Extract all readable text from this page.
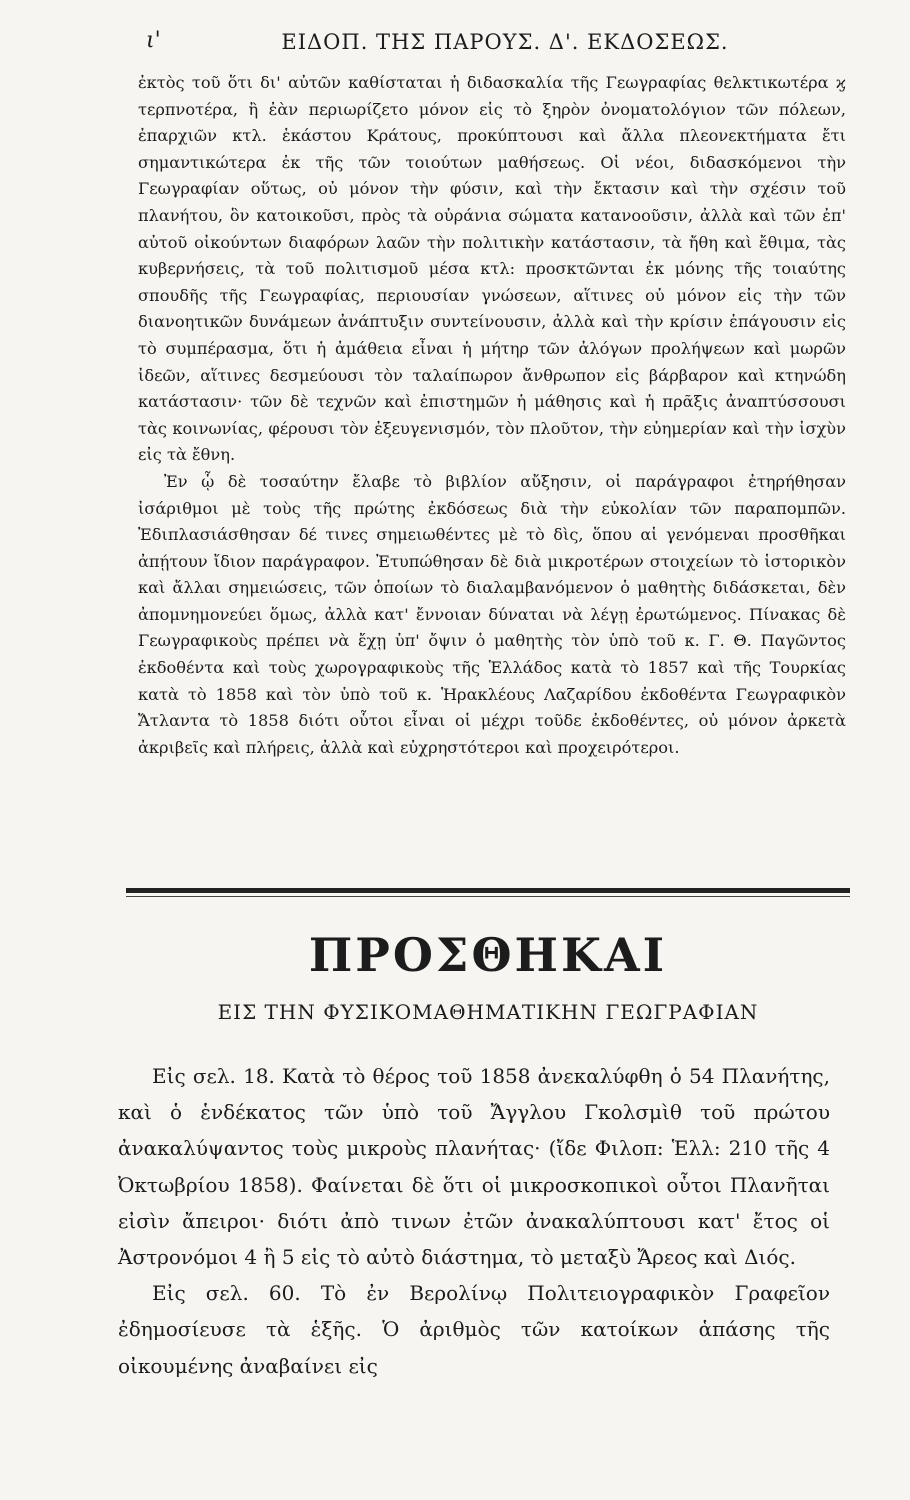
ι'	ΕΙΔΟΠ. ΤΗΣ ΠΑΡΟΥΣ. Δ'. ΕΚΔΟΣΕΩΣ.

ἐκτὸς τοῦ ὅτι δι' αὐτῶν καθίσταται ἡ διδασκαλία τῆς Γεωγραφίας θελκτικωτέρα ϗ τερπνοτέρα, ἢ ἐὰν περιωρίζετο μόνον εἰς τὸ ξηρὸν ὀνοματολόγιον τῶν πόλεων, ἐπαρχιῶν κτλ. ἑκάστου Κράτους, προκύπτουσι καὶ ἄλλα πλεονεκτήματα ἔτι σημαντικώτερα ἐκ τῆς τῶν τοιούτων μαθήσεως. Οἱ νέοι, διδασκόμενοι τὴν Γεωγραφίαν οὕτως, οὐ μόνον τὴν φύσιν, καὶ τὴν ἔκτασιν καὶ τὴν σχέσιν τοῦ πλανήτου, ὃν κατοικοῦσι, πρὸς τὰ οὐράνια σώματα κατανοοῦσιν, ἀλλὰ καὶ τῶν ἐπ' αὐτοῦ οἰκούντων διαφόρων λαῶν τὴν πολιτικὴν κατάστασιν, τὰ ἤθη καὶ ἔθιμα, τὰς κυβερνήσεις, τὰ τοῦ πολιτισμοῦ μέσα κτλ: προσκτῶνται ἐκ μόνης τῆς τοιαύτης σπουδῆς τῆς Γεωγραφίας, περιουσίαν γνώσεων, αἵτινες οὐ μόνον εἰς τὴν τῶν διανοητικῶν δυνάμεων ἀνάπτυξιν συντείνουσιν, ἀλλὰ καὶ τὴν κρίσιν ἐπάγουσιν εἰς τὸ συμπέρασμα, ὅτι ἡ ἀμάθεια εἶναι ἡ μήτηρ τῶν ἀλόγων προλήψεων καὶ μωρῶν ἰδεῶν, αἵτινες δεσμεύουσι τὸν ταλαίπωρον ἄνθρωπον εἰς βάρβαρον καὶ κτηνώδη κατάστασιν· τῶν δὲ τεχνῶν καὶ ἐπιστημῶν ἡ μάθησις καὶ ἡ πρᾶξις ἀναπτύσσουσι τὰς κοινωνίας, φέρουσι τὸν ἐξευγενισμόν, τὸν πλοῦτον, τὴν εὐημερίαν καὶ τὴν ἰσχὺν εἰς τὰ ἔθνη.

Ἐν ᾧ δὲ τοσαύτην ἔλαβε τὸ βιβλίον αὔξησιν, οἱ παράγραφοι ἐτηρήθησαν ἰσάριθμοι μὲ τοὺς τῆς πρώτης ἐκδόσεως διὰ τὴν εὐκολίαν τῶν παραπομπῶν. Ἐδιπλασιάσθησαν δέ τινες σημειωθέντες μὲ τὸ δὶς, ὅπου αἱ γενόμεναι προσθῆκαι ἀπῄτουν ἴδιον παράγραφον. Ἐτυπώθησαν δὲ διὰ μικροτέρων στοιχείων τὸ ἱστορικὸν καὶ ἄλλαι σημειώσεις, τῶν ὁποίων τὸ διαλαμβανόμενον ὁ μαθητὴς διδάσκεται, δὲν ἀπομνημονεύει ὅμως, ἀλλὰ κατ' ἔννοιαν δύναται νὰ λέγῃ ἐρωτώμενος. Πίνακας δὲ Γεωγραφικοὺς πρέπει νὰ ἔχῃ ὑπ' ὄψιν ὁ μαθητὴς τὸν ὑπὸ τοῦ κ. Γ. Θ. Παγῶντος ἐκδοθέντα καὶ τοὺς χωρογραφικοὺς τῆς Ἑλλάδος κατὰ τὸ 1857 καὶ τῆς Τουρκίας κατὰ τὸ 1858 καὶ τὸν ὑπὸ τοῦ κ. Ἡρακλέους Λαζαρίδου ἐκδοθέντα Γεωγραφικὸν Ἄτλαντα τὸ 1858 διότι οὗτοι εἶναι οἱ μέχρι τοῦδε ἐκδοθέντες, οὐ μόνον ἀρκετὰ ἀκριβεῖς καὶ πλήρεις, ἀλλὰ καὶ εὐχρηστότεροι καὶ προχειρότεροι.

ΠΡΟΣΘΗΚΑΙ
ΕΙΣ ΤΗΝ ΦΥΣΙΚΟΜΑΘΗΜΑΤΙΚΗΝ ΓΕΩΓΡΑΦΙΑΝ

Εἰς σελ. 18. Κατὰ τὸ θέρος τοῦ 1858 ἀνεκαλύφθη ὁ 54 Πλανήτης, καὶ ὁ ἑνδέκατος τῶν ὑπὸ τοῦ Ἄγγλου Γκολσμὶθ τοῦ πρώτου ἀνακαλύψαντος τοὺς μικροὺς πλανήτας· (ἴδε Φιλοπ: Ἑλλ: 210 τῆς 4 Ὀκτωβρίου 1858). Φαίνεται δὲ ὅτι οἱ μικροσκοπικοὶ οὗτοι Πλανῆται εἰσὶν ἄπειροι· διότι ἀπὸ τινων ἐτῶν ἀνακαλύπτουσι κατ' ἔτος οἱ Ἀστρονόμοι 4 ἢ 5 εἰς τὸ αὐτὸ διάστημα, τὸ μεταξὺ Ἄρεος καὶ Διός.

Εἰς σελ. 60. Τὸ ἐν Βερολίνῳ Πολιτειογραφικὸν Γραφεῖον ἐδημοσίευσε τὰ ἑξῆς. Ὁ ἀριθμὸς τῶν κατοίκων ἁπάσης τῆς οἰκουμένης ἀναβαίνει εἰς
